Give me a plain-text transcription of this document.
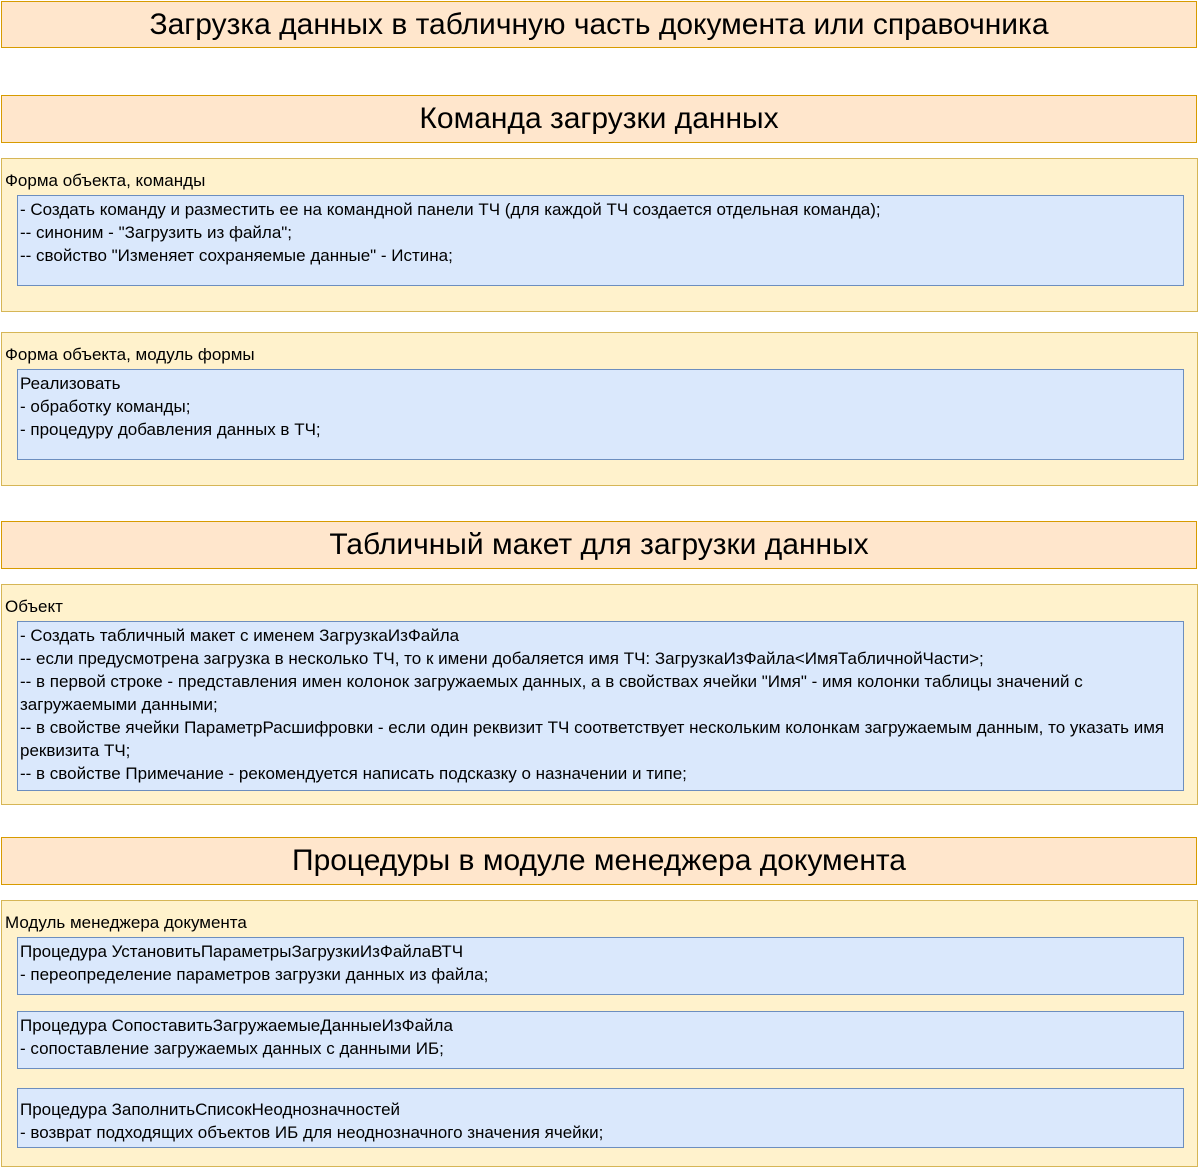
Загрузка данных в табличную часть документа или справочника
Команда загрузки данных
Форма объекта, команды
- Создать команду и разместить ее на командной панели ТЧ (для каждой ТЧ создается отдельная команда);
-- синоним - "Загрузить из файла";
-- свойство "Изменяет сохраняемые данные" - Истина;
Форма объекта, модуль формы
Реализовать
- обработку команды;
- процедуру добавления данных в ТЧ;
Табличный макет для загрузки данных
Объект
- Создать табличный макет с именем ЗагрузкаИзФайла
-- если предусмотрена загрузка в несколько ТЧ, то к имени добаляется имя ТЧ: ЗагрузкаИзФайла<ИмяТабличнойЧасти>;
-- в первой строке - представления имен колонок загружаемых данных, а в свойствах ячейки "Имя" - имя колонки таблицы значений с загружаемыми данными;
-- в свойстве ячейки ПараметрРасшифровки - если один реквизит ТЧ соответствует нескольким колонкам загружаемым данным, то указать имя реквизита ТЧ;
-- в свойстве Примечание - рекомендуется написать подсказку о назначении и типе;
Процедуры в модуле менеджера документа
Модуль менеджера документа
Процедура УстановитьПараметрыЗагрузкиИзФайлаВТЧ
- переопределение параметров загрузки данных из файла;
Процедура СопоставитьЗагружаемыеДанныеИзФайла
- сопоставление загружаемых данных с данными ИБ;
Процедура ЗаполнитьСписокНеоднозначностей
- возврат подходящих объектов ИБ для неоднозначного значения ячейки;
